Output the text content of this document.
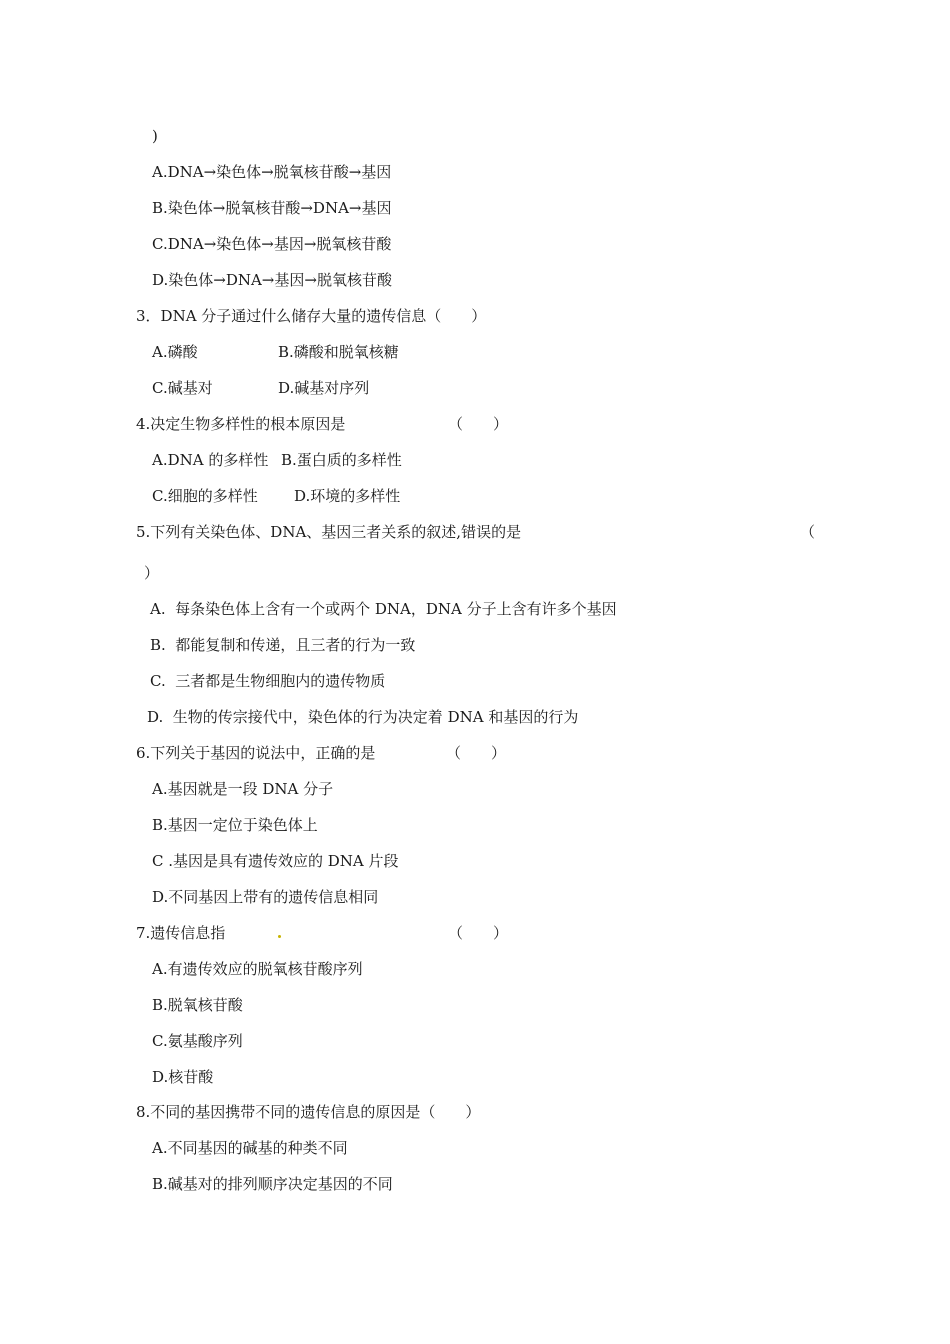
)
A.DNA→染色体→脱氧核苷酸→基因
B.染色体→脱氧核苷酸→DNA→基因
C.DNA→染色体→基因→脱氧核苷酸
D.染色体→DNA→基因→脱氧核苷酸
3．DNA 分子通过什么储存大量的遗传信息（　　）
A.磷酸	B.磷酸和脱氧核糖
C.碱基对	D.碱基对序列
4.决定生物多样性的根本原因是	（　　）
A.DNA 的多样性 B.蛋白质的多样性
C.细胞的多样性 D.环境的多样性
5.下列有关染色体、DNA、基因三者关系的叙述,错误的是	（
）
A.  每条染色体上含有一个或两个 DNA，DNA 分子上含有许多个基因
B.  都能复制和传递，且三者的行为一致
C.  三者都是生物细胞内的遗传物质
D.  生物的传宗接代中，染色体的行为决定着 DNA 和基因的行为
6.下列关于基因的说法中，正确的是	（　　）
A.基因就是一段 DNA 分子
B.基因一定位于染色体上
C .基因是具有遗传效应的 DNA 片段
D.不同基因上带有的遗传信息相同
7.遗传信息指	（　　）
A.有遗传效应的脱氧核苷酸序列
B.脱氧核苷酸
C.氨基酸序列
D.核苷酸
8.不同的基因携带不同的遗传信息的原因是（　　）
A.不同基因的碱基的种类不同
B.碱基对的排列顺序决定基因的不同
